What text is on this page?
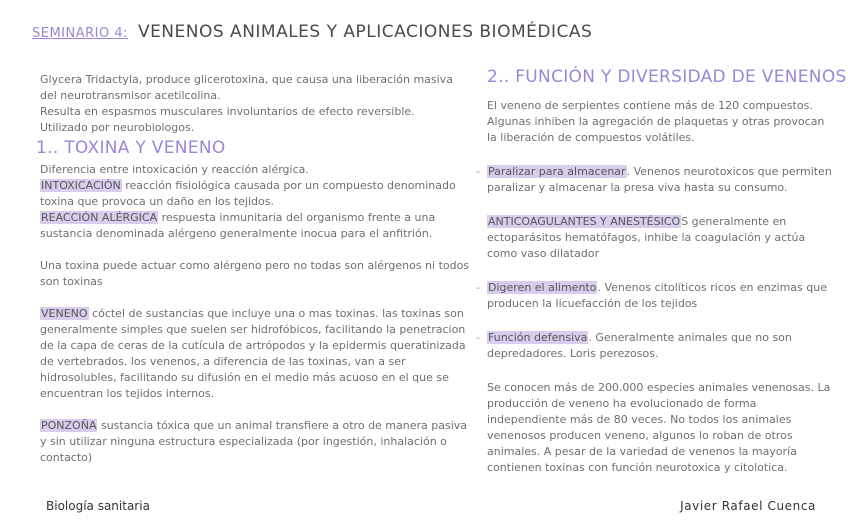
SEMINARIO 4: VENENOS ANIMALES Y APLICACIONES BIOMÉDICAS

Glycera Tridactyla, produce glicerotoxina, que causa una liberación masiva del neurotransmisor acetilcolina.

Resulta en espasmos musculares involuntarios de efecto reversible.

Utilizado por neurobiologos.

1.. TOXINA Y VENENO

Diferencia entre intoxicación y reacción alérgica.

INTOXICACIÓN reacción fisiológica causada por un compuesto denominado toxina que provoca un daño en los tejidos.

REACCIÓN ALÉRGICA respuesta inmunitaria del organismo frente a una sustancia denominada alérgeno generalmente inocua para el anfitrión.

Una toxina puede actuar como alérgeno pero no todas son alérgenos ni todos son toxinas

VENENO cóctel de sustancias que incluye una o mas toxinas. las toxinas son generalmente simples que suelen ser hidrofóbicos, facilitando la penetracion de la capa de ceras de la cutícula de artrópodos y la epidermis queratinizada de vertebrados. los venenos, a diferencia de las toxinas, van a ser hidrosolubles, facilitando su difusión en el medio más acuoso en el que se encuentran los tejidos internos.

PONZOÑA sustancia tóxica que un animal transfiere a otro de manera pasiva y sin utilizar ninguna estructura especializada (por ingestión, inhalación o contacto)

2.. FUNCIÓN Y DIVERSIDAD DE VENENOS

El veneno de serpientes contiene más de 120 compuestos. Algunas inhiben la agregación de plaquetas y otras provocan la liberación de compuestos volátiles.

- Paralizar para almacenar. Venenos neurotoxicos que permiten paralizar y almacenar la presa viva hasta su consumo.

ANTICOAGULANTES Y ANESTÉSICOS generalmente en ectoparásitos hematófagos, inhibe la coagulación y actúa como vaso dilatador

- Digeren el alimento. Venenos citolíticos ricos en enzimas que producen la licuefacción de los tejidos

- Función defensiva. Generalmente animales que no son depredadores. Loris perezosos.

Se conocen más de 200.000 especies animales venenosas. La producción de veneno ha evolucionado de forma independiente más de 80 veces. No todos los animales venenosos producen veneno, algunos lo roban de otros animales. A pesar de la variedad de venenos la mayoría contienen toxinas con función neurotoxica y citolotica.

Biología sanitaria	Javier Rafael Cuenca
